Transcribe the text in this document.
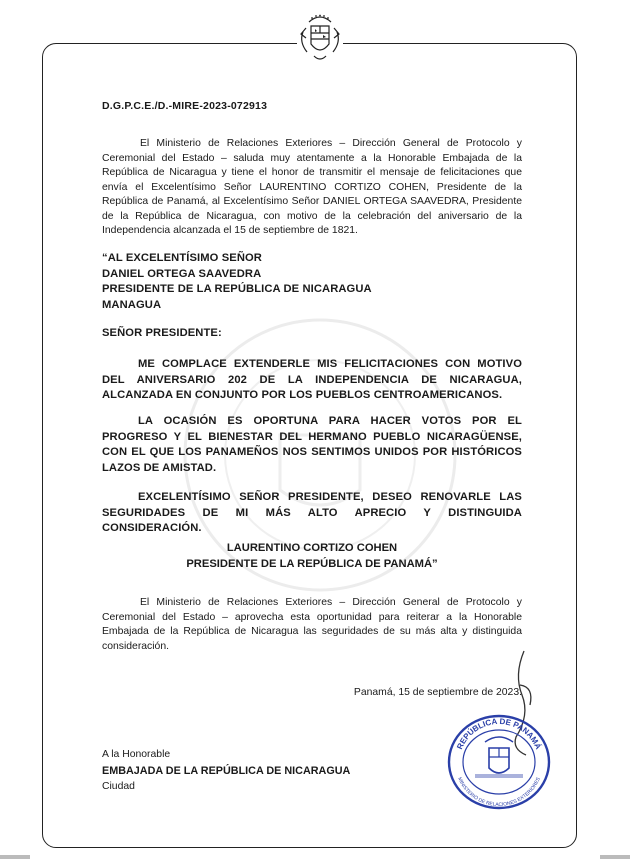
D.G.P.C.E./D.-MIRE-2023-072913
El Ministerio de Relaciones Exteriores – Dirección General de Protocolo y Ceremonial del Estado – saluda muy atentamente a la Honorable Embajada de la República de Nicaragua y tiene el honor de transmitir el mensaje de felicitaciones que envía el Excelentísimo Señor LAURENTINO CORTIZO COHEN, Presidente de la República de Panamá, al Excelentísimo Señor DANIEL ORTEGA SAAVEDRA, Presidente de la República de Nicaragua, con motivo de la celebración del aniversario de la Independencia alcanzada el 15 de septiembre de 1821.
“AL EXCELENTÍSIMO SEÑOR
DANIEL ORTEGA SAAVEDRA
PRESIDENTE DE LA REPÚBLICA DE NICARAGUA
MANAGUA
SEÑOR PRESIDENTE:
ME COMPLACE EXTENDERLE MIS FELICITACIONES CON MOTIVO DEL ANIVERSARIO 202 DE LA INDEPENDENCIA DE NICARAGUA, ALCANZADA EN CONJUNTO POR LOS PUEBLOS CENTROAMERICANOS.
LA OCASIÓN ES OPORTUNA PARA HACER VOTOS POR EL PROGRESO Y EL BIENESTAR DEL HERMANO PUEBLO NICARAGÜENSE, CON EL QUE LOS PANAMEÑOS NOS SENTIMOS UNIDOS POR HISTÓRICOS LAZOS DE AMISTAD.
EXCELENTÍSIMO SEÑOR PRESIDENTE, DESEO RENOVARLE LAS SEGURIDADES DE MI MÁS ALTO APRECIO Y DISTINGUIDA CONSIDERACIÓN.
LAURENTINO CORTIZO COHEN
PRESIDENTE DE LA REPÚBLICA DE PANAMÁ”
El Ministerio de Relaciones Exteriores – Dirección General de Protocolo y Ceremonial del Estado – aprovecha esta oportunidad para reiterar a la Honorable Embajada de la República de Nicaragua las seguridades de su más alta y distinguida consideración.
Panamá, 15 de septiembre de 2023.
A la Honorable
EMBAJADA DE LA REPÚBLICA DE NICARAGUA
Ciudad
REPÚBLICA DE PANAMÁ
MINISTERIO DE RELACIONES EXTERIORES
